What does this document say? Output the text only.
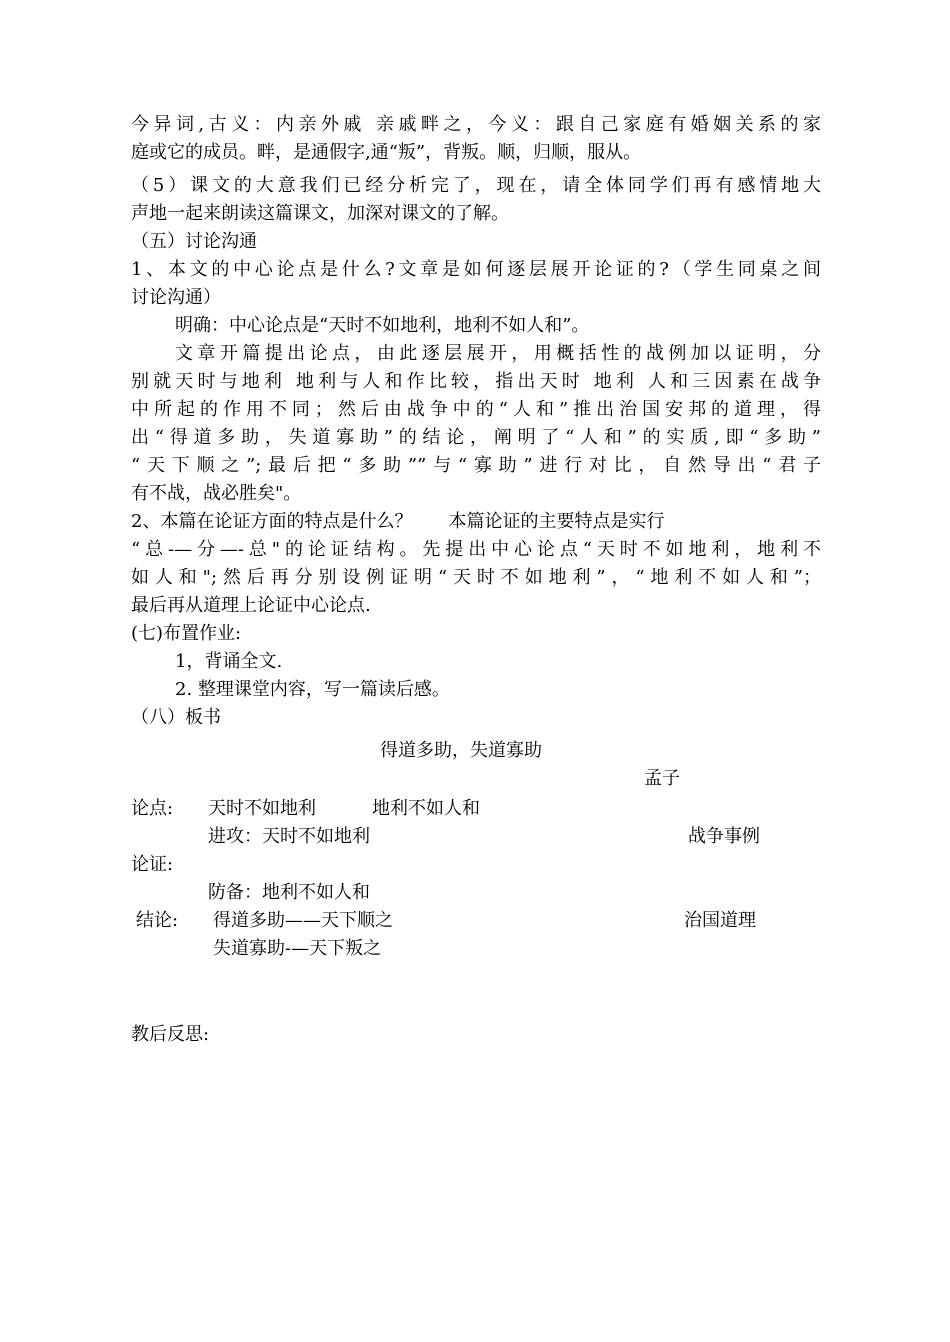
今异词,古义：内亲外戚 亲戚畔之，今义：跟自己家庭有婚姻关系的家
庭或它的成员。畔，是通假字,通“叛”，背叛。顺，归顺，服从。
（5）课文的大意我们已经分析完了，现在，请全体同学们再有感情地大
声地一起来朗读这篇课文，加深对课文的了解。
（五）讨论沟通
1、本文的中心论点是什么?文章是如何逐层展开论证的?（学生同桌之间
讨论沟通）
明确：中心论点是“天时不如地利，地利不如人和”。
文章开篇提出论点，由此逐层展开，用概括性的战例加以证明，分
别就天时与地利 地利与人和作比较，指出天时 地利 人和三因素在战争
中所起的作用不同；然后由战争中的“人和”推出治国安邦的道理，得
出“得道多助，失道寡助”的结论，阐明了“人和”的实质,即“多助”
“天下顺之”;最后把“多助””与“寡助”进行对比，自然导出“君子
有不战，战必胜矣"。
2、本篇在论证方面的特点是什么？　　本篇论证的主要特点是实行
“总-—分—-总"的论证结构。先提出中心论点“天时不如地利，地利不
如人和";然后再分别设例证明“天时不如地利”，“地利不如人和”；
最后再从道理上论证中心论点.
(七)布置作业:
1，背诵全文.
2. 整理课堂内容，写一篇读后感。
（八）板书
得道多助，失道寡助
孟子
论点: 天时不如地利	地利不如人和
进攻：天时不如地利	战争事例
论证:
防备：地利不如人和
结论: 得道多助——天下顺之	治国道理
失道寡助-—天下叛之
教后反思:
